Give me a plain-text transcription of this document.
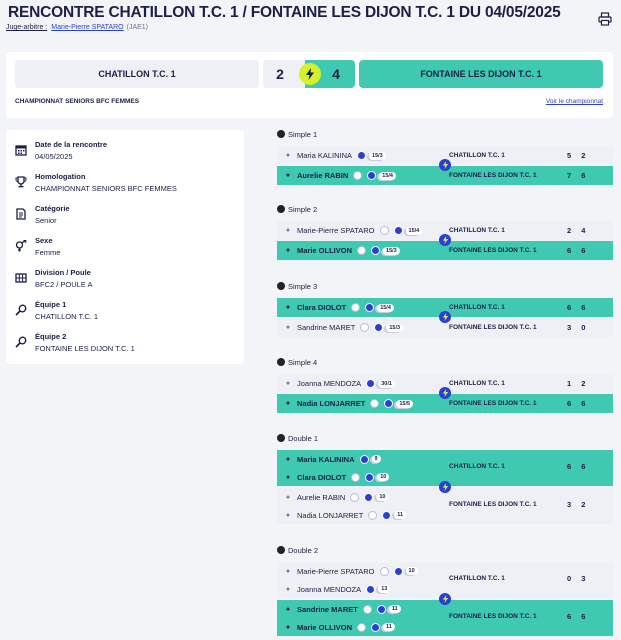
RENCONTRE CHATILLON T.C. 1 / FONTAINE LES DIJON T.C. 1 DU 04/05/2025
Juge-arbitre : Marie-Pierre SPATARO (JAE1)
CHATILLON T.C. 1	2	4	FONTAINE LES DIJON T.C. 1
CHAMPIONNAT SENIORS BFC FEMMES	Voir le championnat
Date de la rencontre
04/05/2025
Homologation
CHAMPIONNAT SENIORS BFC FEMMES
Catégorie
Senior
Sexe
Femme
Division / Poule
BFC2 / POULE A
Équipe 1
CHATILLON T.C. 1
Équipe 2
FONTAINE LES DIJON T.C. 1
Simple 1
● Maria KALININA	15/3	CHATILLON T.C. 1	5 2
● Aurelie RABIN	15/4	FONTAINE LES DIJON T.C. 1	7 6
Simple 2
● Marie-Pierre SPATARO	15/4	CHATILLON T.C. 1	2 4
● Marie OLLIVON	15/3	FONTAINE LES DIJON T.C. 1	6 6
Simple 3
● Clara DIOLOT	15/4	CHATILLON T.C. 1	6 6
● Sandrine MARET	15/3	FONTAINE LES DIJON T.C. 1	3 0
Simple 4
● Joanna MENDOZA	30/1	CHATILLON T.C. 1	1 2
● Nadia LONJARRET	15/5	FONTAINE LES DIJON T.C. 1	6 6
Double 1
● Maria KALININA	9
● Clara DIOLOT	10
● Aurelie RABIN	10
● Nadia LONJARRET	11
CHATILLON T.C. 1	6 6
FONTAINE LES DIJON T.C. 1	3 2
Double 2
● Marie-Pierre SPATARO	10
● Joanna MENDOZA	13
● Sandrine MARET	11
● Marie OLLIVON	11
CHATILLON T.C. 1	0 3
FONTAINE LES DIJON T.C. 1	6 6
